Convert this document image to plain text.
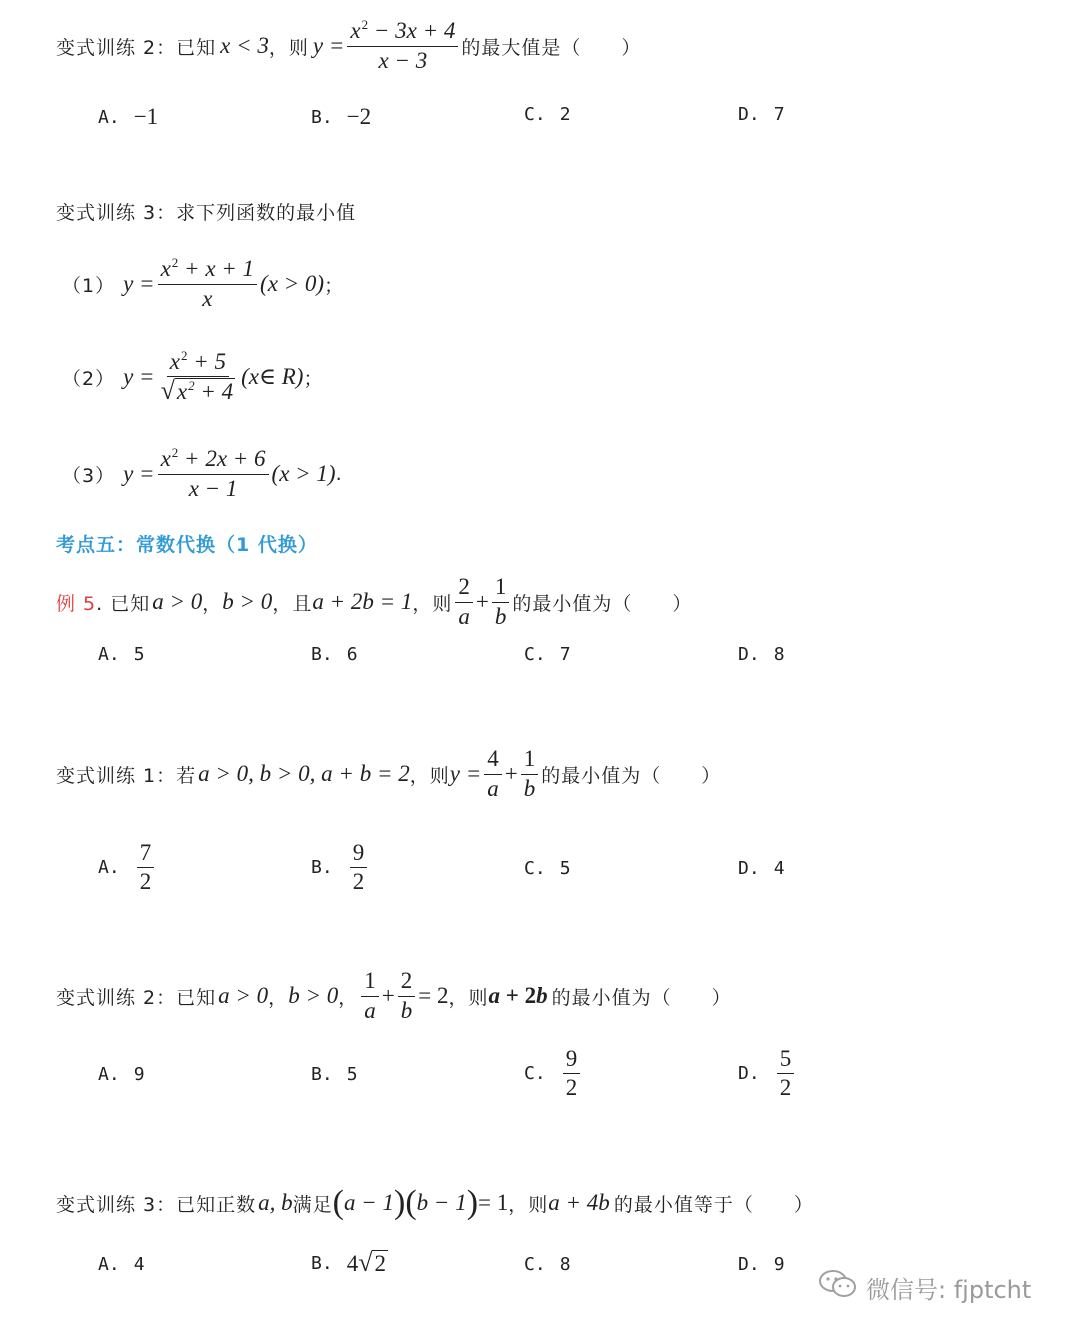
变式训练 2：已知 x < 3 ，则 $y = \frac{x^2 - 3x + 4}{x - 3}$ 的最大值是（　　）
A. −1	B. −2	C. 2	D. 7
变式训练 3：求下列函数的最小值
（1） $y = \frac{x^2 + x + 1}{x} (x > 0)$ ；
（2） $y = \frac{x^2 + 5}{√ x^2 + 4}$ (x∈ R) ；
（3） $y = \frac{x^2 + 2x + 6}{x - 1} (x > 1)$ .
考点五：常数代换（1 代换）
例 5 . 已知 a > 0 ， b > 0 ，且 a + 2b = 1 ，则 $\frac{2}{a} + \frac{1}{b}$ 的最小值为（　　）
A. 5	B. 6	C. 7	D. 8
变式训练 1：若 a > 0, b > 0, a + b = 2 ，则 $y = \frac{4}{a} + \frac{1}{b}$ 的最小值为（　　）
A. $\frac{7}{2}$	B. $\frac{9}{2}$	C. 5	D. 4
变式训练 2：已知 a > 0 ， b > 0 ， $\frac{1}{a} + \frac{2}{b} = 2$ ，则 a + 2b 的最小值为（　　）
A. 9	B. 5	C. $\frac{9}{2}$	D. $\frac{5}{2}$
变式训练 3：已知正数 a, b 满足 ( a − 1 ) ( b − 1 ) = 1 ，则 a + 4b 的最小值等于（　　）
A. 4	B. 4 √ 2	C. 8	D. 9
微信号: fjptcht
